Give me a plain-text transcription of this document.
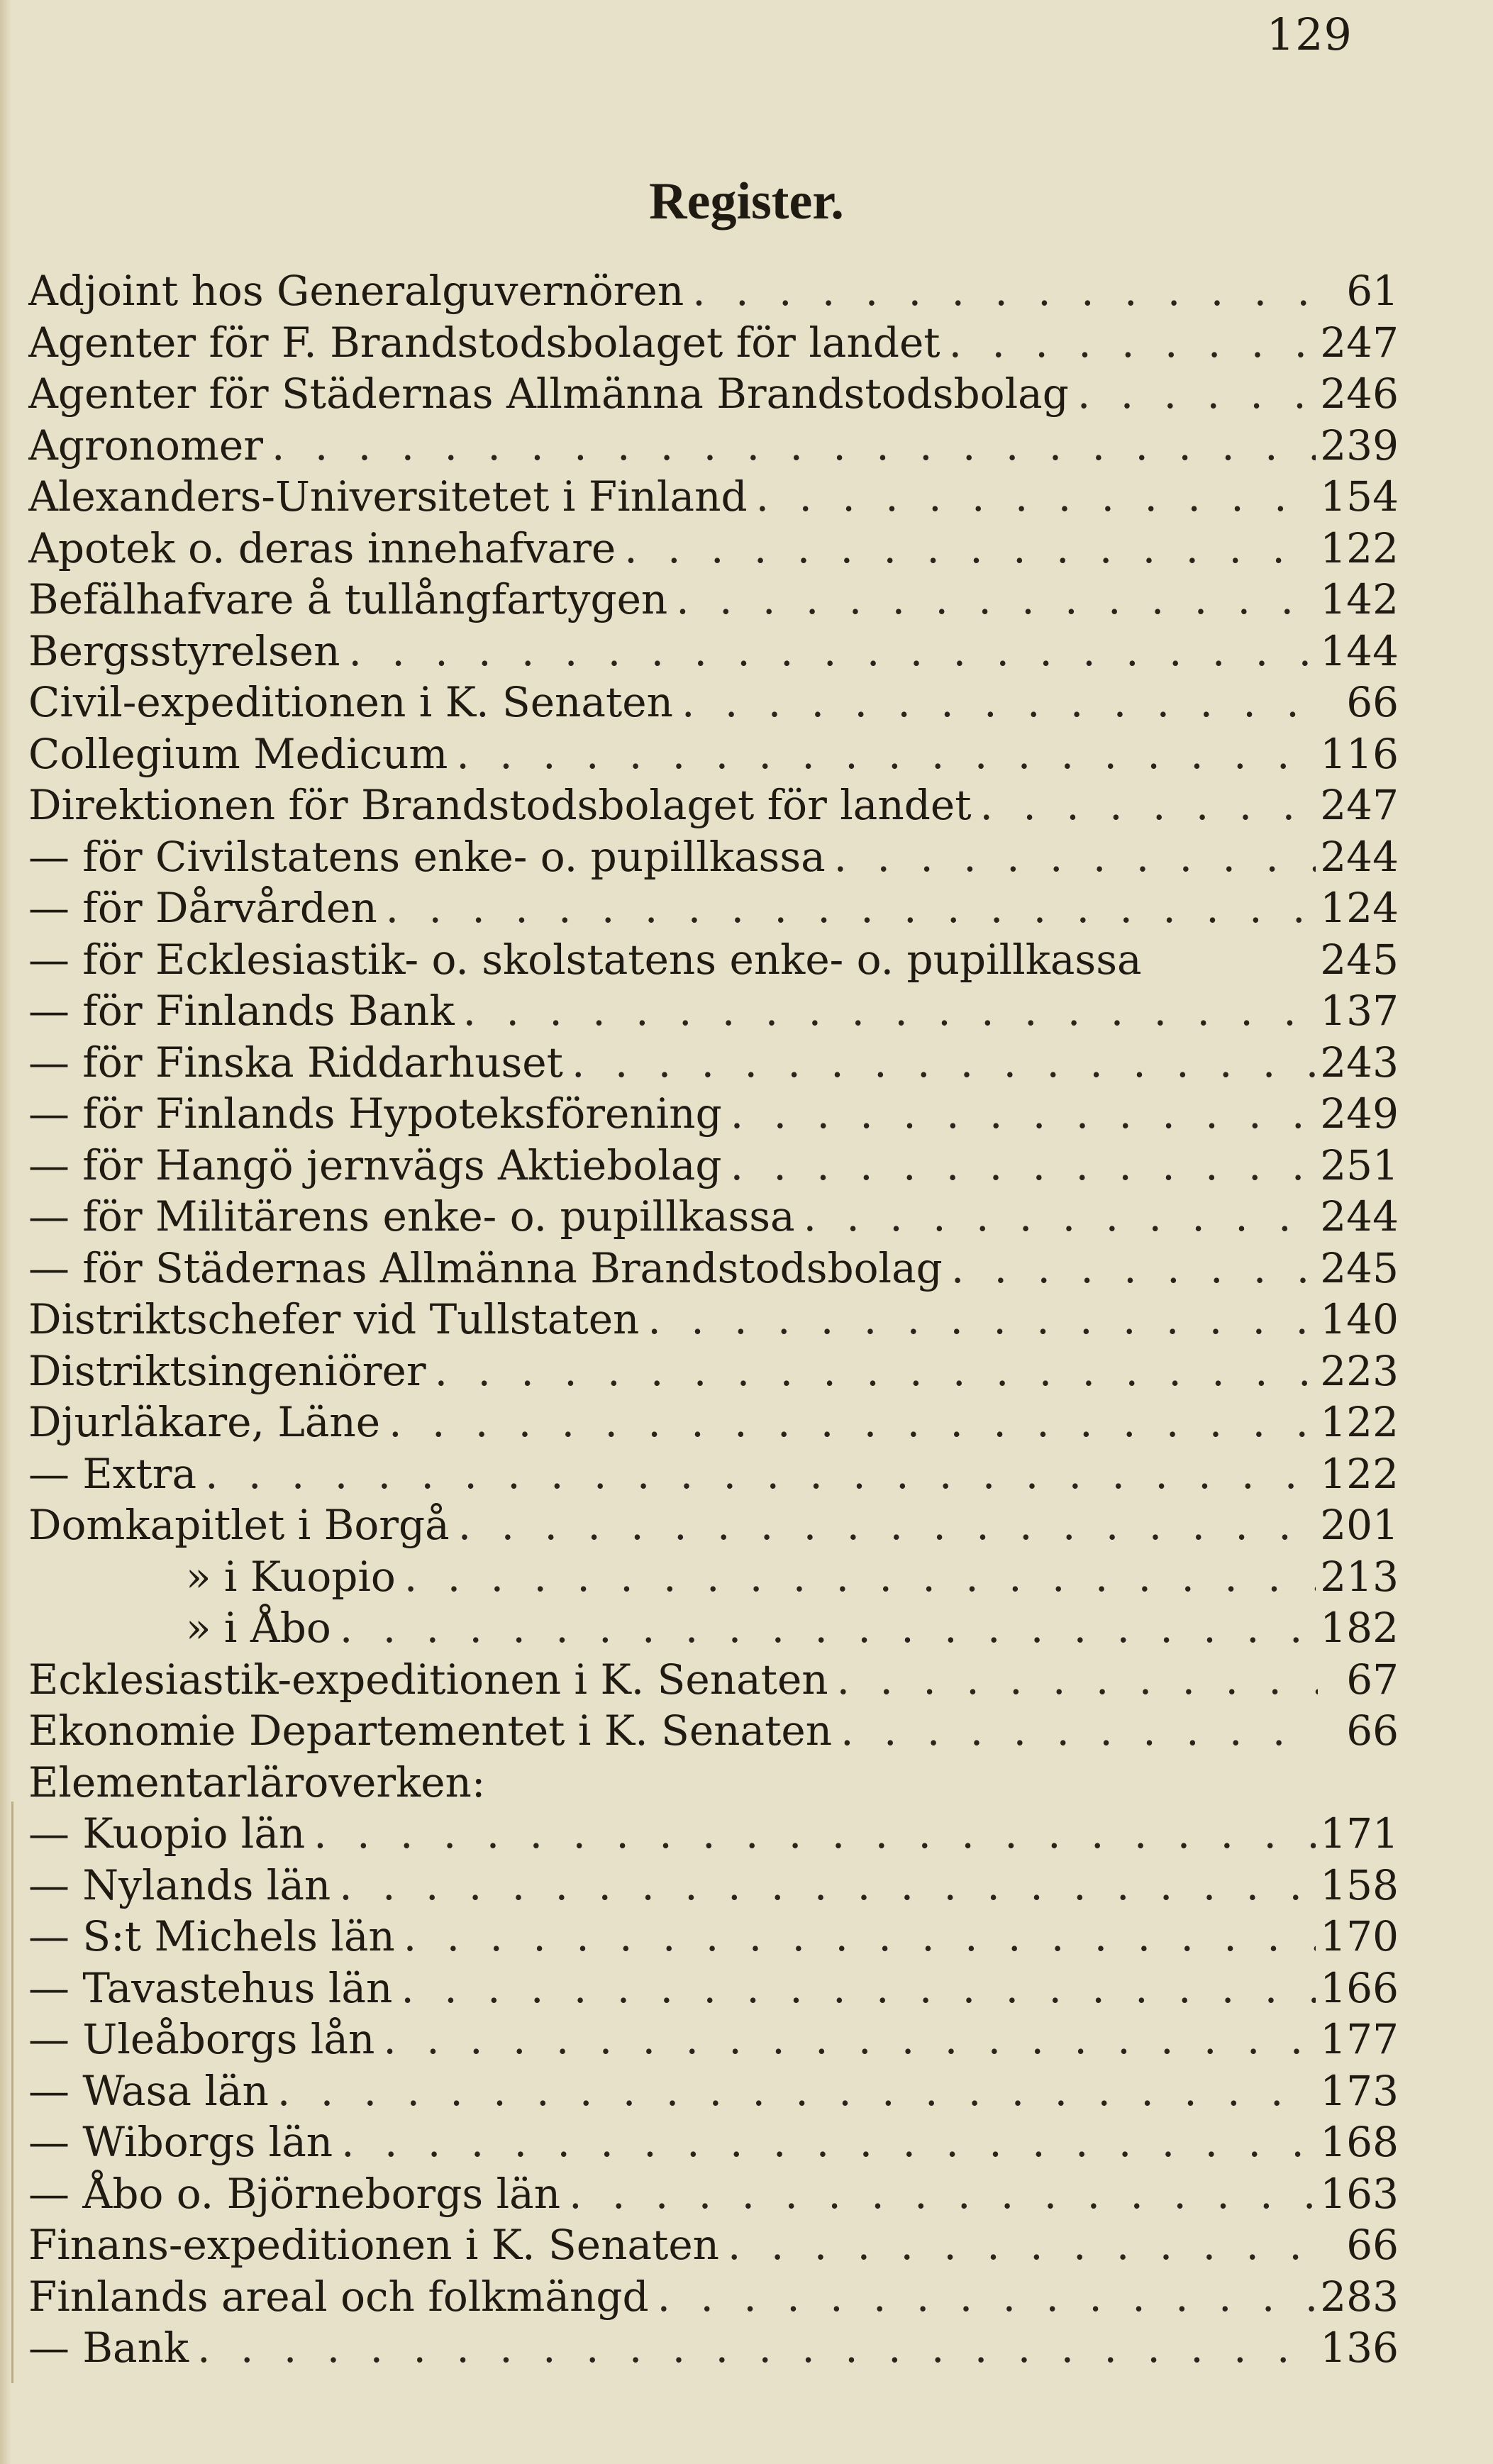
129
Register.
Adjoint hos Generalguvernören . . .	61
Agenter för F. Brandstodsbolaget för landet . . .	247
Agenter för Städernas Allmänna Brandstodsbolag . . .	246
Agronomer . . .	239
Alexanders-Universitetet i Finland . . .	154
Apotek o. deras innehafvare . . .	122
Befälhafvare å tullångfartygen . . .	142
Bergsstyrelsen . . .	144
Civil-expeditionen i K. Senaten . . .	66
Collegium Medicum . . .	116
Direktionen för Brandstodsbolaget för landet . . .	247
— för Civilstatens enke- o. pupillkassa . . .	244
— för Dårvården . . .	124
— för Ecklesiastik- o. skolstatens enke- o. pupillkassa	245
— för Finlands Bank . . .	137
— för Finska Riddarhuset . . .	243
— för Finlands Hypoteksförening . . .	249
— för Hangö jernvägs Aktiebolag . . .	251
— för Militärens enke- o. pupillkassa . . .	244
— för Städernas Allmänna Brandstodsbolag . . .	245
Distriktschefer vid Tullstaten . . .	140
Distriktsingeniörer . . .	223
Djurläkare, Läne . . .	122
— Extra . . .	122
Domkapitlet i Borgå . . .	201
» i Kuopio . . .	213
» i Åbo . . .	182
Ecklesiastik-expeditionen i K. Senaten . . .	67
Ekonomie Departementet i K. Senaten . . .	66
Elementarläroverken:
— Kuopio län . . .	171
— Nylands län . . .	158
— S:t Michels län . . .	170
— Tavastehus län . . .	166
— Uleåborgs lån . . .	177
— Wasa län . . .	173
— Wiborgs län . . .	168
— Åbo o. Björneborgs län . . .	163
Finans-expeditionen i K. Senaten . . .	66
Finlands areal och folkmängd . . .	283
— Bank . . .	136
